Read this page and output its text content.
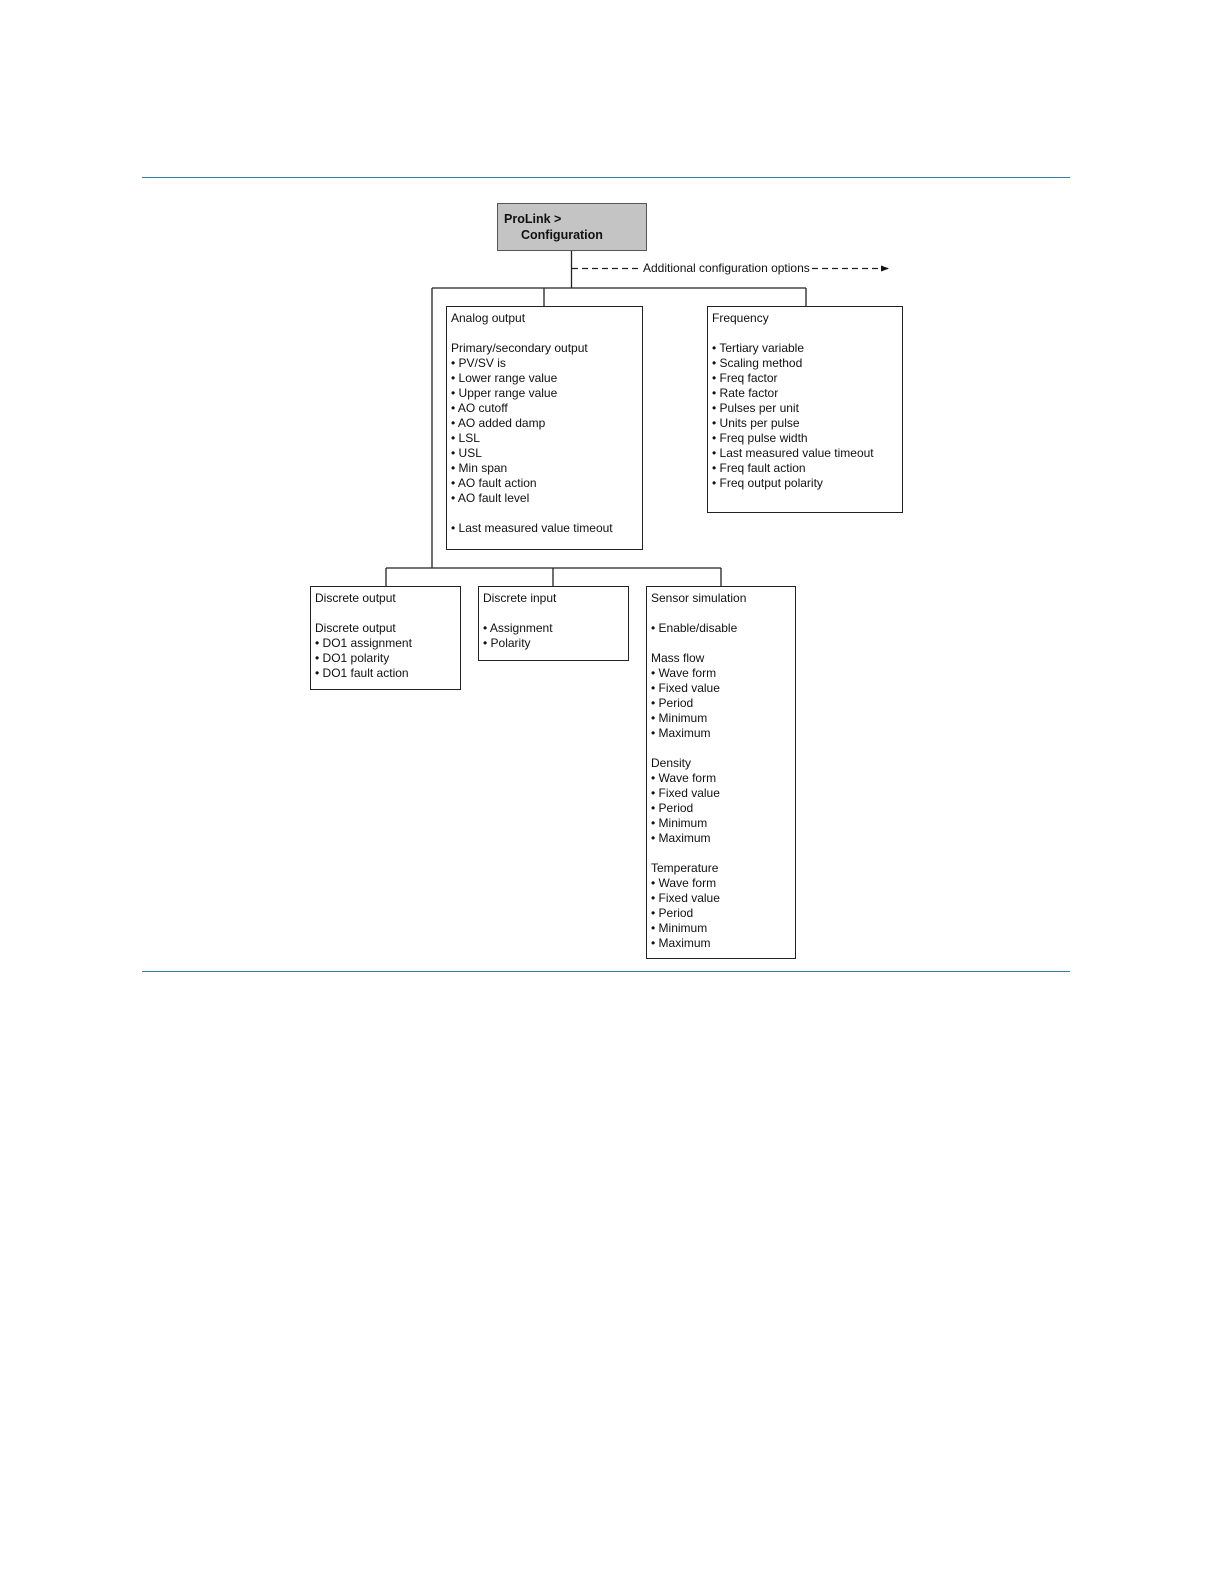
Additional configuration options
ProLink >
Configuration
Analog output
Primary/secondary output
• PV/SV is
• Lower range value
• Upper range value
• AO cutoff
• AO added damp
• LSL
• USL
• Min span
• AO fault action
• AO fault level
• Last measured value timeout
Frequency
• Tertiary variable
• Scaling method
• Freq factor
• Rate factor
• Pulses per unit
• Units per pulse
• Freq pulse width
• Last measured value timeout
• Freq fault action
• Freq output polarity
Discrete output
Discrete output
• DO1 assignment
• DO1 polarity
• DO1 fault action
Discrete input
• Assignment
• Polarity
Sensor simulation
• Enable/disable
Mass flow
• Wave form
• Fixed value
• Period
• Minimum
• Maximum
Density
• Wave form
• Fixed value
• Period
• Minimum
• Maximum
Temperature
• Wave form
• Fixed value
• Period
• Minimum
• Maximum
